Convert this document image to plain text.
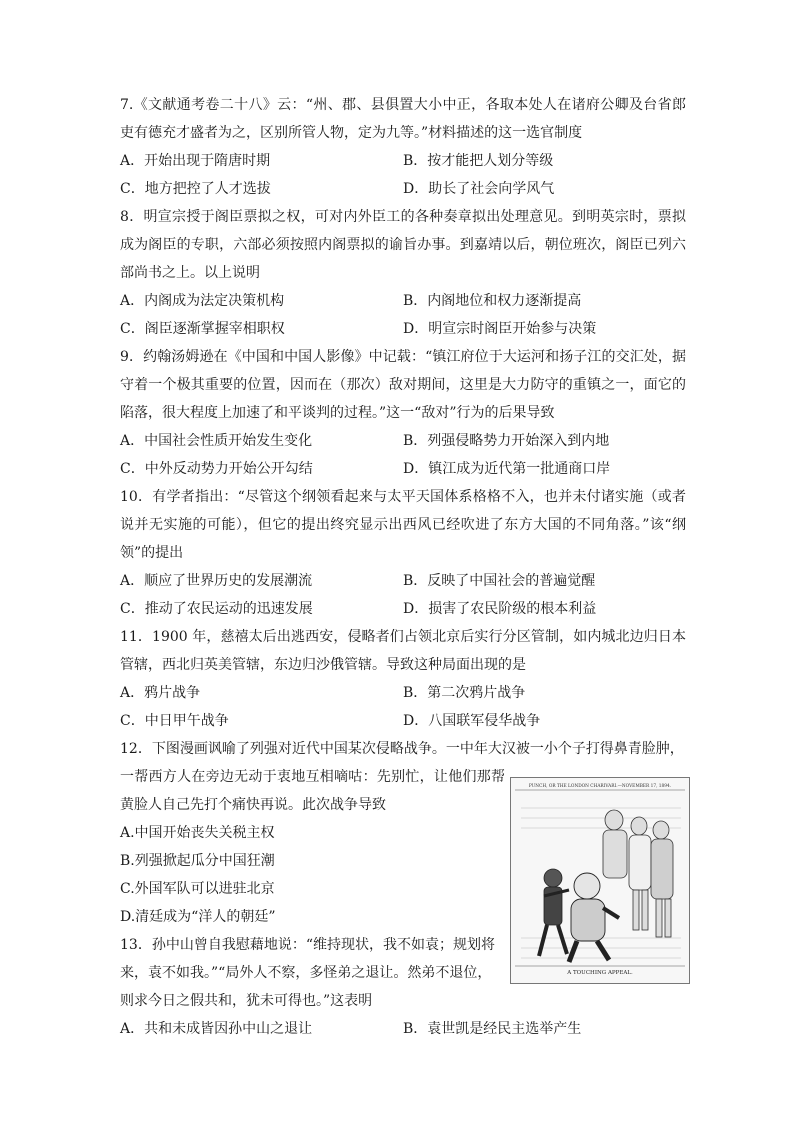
7.《文献通考卷二十八》云：“州、郡、县俱置大小中正，各取本处人在诸府公卿及台省郎吏有德充才盛者为之，区别所管人物，定为九等。”材料描述的这一选官制度
A．开始出现于隋唐时期	B．按才能把人划分等级
C．地方把控了人才选拔	D．助长了社会向学风气
8．明宣宗授于阁臣票拟之权，可对内外臣工的各种奏章拟出处理意见。到明英宗时，票拟成为阁臣的专职，六部必须按照内阁票拟的谕旨办事。到嘉靖以后，朝位班次，阁臣已列六部尚书之上。以上说明
A．内阁成为法定决策机构	B．内阁地位和权力逐渐提高
C．阁臣逐渐掌握宰相职权	D．明宣宗时阁臣开始参与决策
9．约翰汤姆逊在《中国和中国人影像》中记载：“镇江府位于大运河和扬子江的交汇处，据守着一个极其重要的位置，因而在（那次）敌对期间，这里是大力防守的重镇之一，面它的陷落，很大程度上加速了和平谈判的过程。”这一“敌对”行为的后果导致
A．中国社会性质开始发生变化	B．列强侵略势力开始深入到内地
C．中外反动势力开始公开勾结	D．镇江成为近代第一批通商口岸
10．有学者指出：“尽管这个纲领看起来与太平天国体系格格不入，也并未付诸实施（或者说并无实施的可能），但它的提出终究显示出西风已经吹进了东方大国的不同角落。”该“纲领”的提出
A．顺应了世界历史的发展潮流	B．反映了中国社会的普遍觉醒
C．推动了农民运动的迅速发展	D．损害了农民阶级的根本利益
11．1900 年，慈禧太后出逃西安，侵略者们占领北京后实行分区管制，如内城北边归日本管辖，西北归英美管辖，东边归沙俄管辖。导致这种局面出现的是
A．鸦片战争	B．第二次鸦片战争
C．中日甲午战争	D．八国联军侵华战争
12．下图漫画讽喻了列强对近代中国某次侵略战争。一中年大汉被一小个子打得鼻青脸肿，
一帮西方人在旁边无动于衷地互相嘀咕：先别忙，让他们那帮黄脸人自己先打个痛快再说。此次战争导致
A.中国开始丧失关税主权
B.列强掀起瓜分中国狂潮
C.外国军队可以进驻北京
D.清廷成为“洋人的朝廷”
PUNCH, OR THE LONDON CHARIVARI.—NOVEMBER 17, 1894.
A TOUCHING APPEAL.
13．孙中山曾自我慰藉地说：“维持现状，我不如袁；规划将来，袁不如我。”“局外人不察，多怪弟之退让。然弟不退位，则求今日之假共和，犹未可得也。”这表明
A．共和未成皆因孙中山之退让	B．袁世凯是经民主选举产生
